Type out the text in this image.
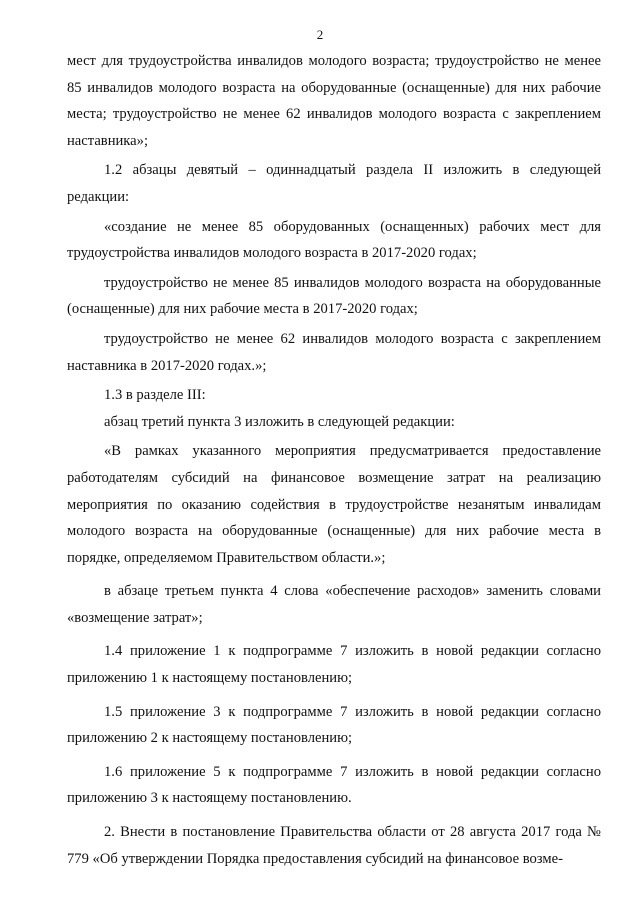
2

мест для трудоустройства инвалидов молодого возраста; трудоустройство не менее 85 инвалидов молодого возраста на оборудованные (оснащенные) для них рабочие места; трудоустройство не менее 62 инвалидов молодого возраста с закреплением наставника»;

1.2 абзацы девятый – одиннадцатый раздела II изложить в следующей редакции:

«создание не менее 85 оборудованных (оснащенных) рабочих мест для трудоустройства инвалидов молодого возраста в 2017-2020 годах;

трудоустройство не менее 85 инвалидов молодого возраста на оборудованные (оснащенные) для них рабочие места в 2017-2020 годах;

трудоустройство не менее 62 инвалидов молодого возраста с закреплением наставника в 2017-2020 годах.»;

1.3 в разделе III:

абзац третий пункта 3 изложить в следующей редакции:

«В рамках указанного мероприятия предусматривается предоставление работодателям субсидий на финансовое возмещение затрат на реализацию мероприятия по оказанию содействия в трудоустройстве незанятым инвалидам молодого возраста на оборудованные (оснащенные) для них рабочие места в порядке, определяемом Правительством области.»;

в абзаце третьем пункта 4 слова «обеспечение расходов» заменить словами «возмещение затрат»;

1.4 приложение 1 к подпрограмме 7 изложить в новой редакции согласно приложению 1 к настоящему постановлению;

1.5 приложение 3 к подпрограмме 7 изложить в новой редакции согласно приложению 2 к настоящему постановлению;

1.6 приложение 5 к подпрограмме 7 изложить в новой редакции согласно приложению 3 к настоящему постановлению.

2. Внести в постановление Правительства области от 28 августа 2017 года № 779 «Об утверждении Порядка предоставления субсидий на финансовое возме-
